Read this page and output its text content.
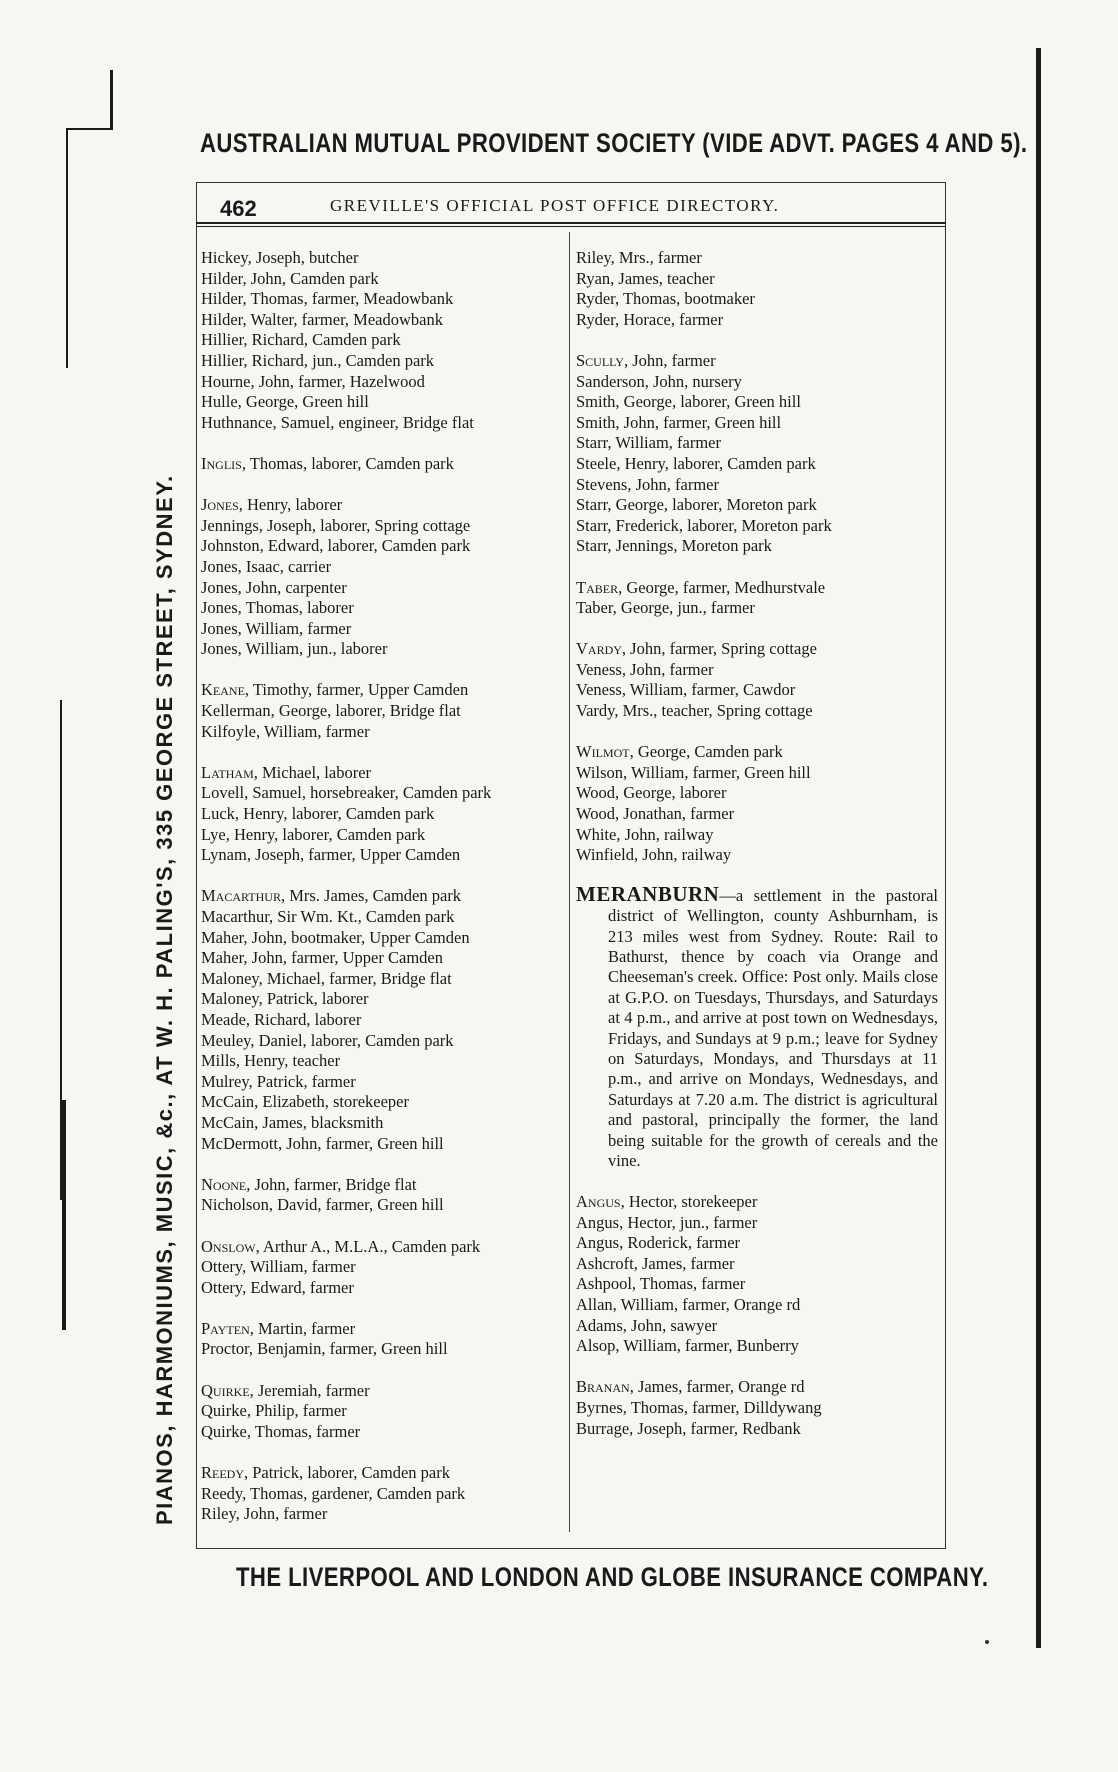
AUSTRALIAN MUTUAL PROVIDENT SOCIETY (VIDE ADVT. PAGES 4 AND 5).
PIANOS, HARMONIUMS, MUSIC, &c., AT W. H. PALING'S, 335 GEORGE STREET, SYDNEY.
462	GREVILLE'S OFFICIAL POST OFFICE DIRECTORY.
Hickey, Joseph, butcher
Hilder, John, Camden park
Hilder, Thomas, farmer, Meadowbank
Hilder, Walter, farmer, Meadowbank
Hillier, Richard, Camden park
Hillier, Richard, jun., Camden park
Hourne, John, farmer, Hazelwood
Hulle, George, Green hill
Huthnance, Samuel, engineer, Bridge flat
Inglis, Thomas, laborer, Camden park
Jones, Henry, laborer
Jennings, Joseph, laborer, Spring cottage
Johnston, Edward, laborer, Camden park
Jones, Isaac, carrier
Jones, John, carpenter
Jones, Thomas, laborer
Jones, William, farmer
Jones, William, jun., laborer
Keane, Timothy, farmer, Upper Camden
Kellerman, George, laborer, Bridge flat
Kilfoyle, William, farmer
Latham, Michael, laborer
Lovell, Samuel, horsebreaker, Camden park
Luck, Henry, laborer, Camden park
Lye, Henry, laborer, Camden park
Lynam, Joseph, farmer, Upper Camden
Macarthur, Mrs. James, Camden park
Macarthur, Sir Wm. Kt., Camden park
Maher, John, bootmaker, Upper Camden
Maher, John, farmer, Upper Camden
Maloney, Michael, farmer, Bridge flat
Maloney, Patrick, laborer
Meade, Richard, laborer
Meuley, Daniel, laborer, Camden park
Mills, Henry, teacher
Mulrey, Patrick, farmer
McCain, Elizabeth, storekeeper
McCain, James, blacksmith
McDermott, John, farmer, Green hill
Noone, John, farmer, Bridge flat
Nicholson, David, farmer, Green hill
Onslow, Arthur A., M.L.A., Camden park
Ottery, William, farmer
Ottery, Edward, farmer
Payten, Martin, farmer
Proctor, Benjamin, farmer, Green hill
Quirke, Jeremiah, farmer
Quirke, Philip, farmer
Quirke, Thomas, farmer
Reedy, Patrick, laborer, Camden park
Reedy, Thomas, gardener, Camden park
Riley, John, farmer
Riley, Mrs., farmer
Ryan, James, teacher
Ryder, Thomas, bootmaker
Ryder, Horace, farmer
Scully, John, farmer
Sanderson, John, nursery
Smith, George, laborer, Green hill
Smith, John, farmer, Green hill
Starr, William, farmer
Steele, Henry, laborer, Camden park
Stevens, John, farmer
Starr, George, laborer, Moreton park
Starr, Frederick, laborer, Moreton park
Starr, Jennings, Moreton park
Taber, George, farmer, Medhurstvale
Taber, George, jun., farmer
Vardy, John, farmer, Spring cottage
Veness, John, farmer
Veness, William, farmer, Cawdor
Vardy, Mrs., teacher, Spring cottage
Wilmot, George, Camden park
Wilson, William, farmer, Green hill
Wood, George, laborer
Wood, Jonathan, farmer
White, John, railway
Winfield, John, railway
MERANBURN—a settlement in the pastoral district of Wellington, county Ashburnham, is 213 miles west from Sydney. Route: Rail to Bathurst, thence by coach via Orange and Cheeseman's creek. Office: Post only. Mails close at G.P.O. on Tuesdays, Thursdays, and Saturdays at 4 p.m., and arrive at post town on Wednesdays, Fridays, and Sundays at 9 p.m.; leave for Sydney on Saturdays, Mondays, and Thursdays at 11 p.m., and arrive on Mondays, Wednesdays, and Saturdays at 7.20 a.m. The district is agricultural and pastoral, principally the former, the land being suitable for the growth of cereals and the vine.
Angus, Hector, storekeeper
Angus, Hector, jun., farmer
Angus, Roderick, farmer
Ashcroft, James, farmer
Ashpool, Thomas, farmer
Allan, William, farmer, Orange rd
Adams, John, sawyer
Alsop, William, farmer, Bunberry
Branan, James, farmer, Orange rd
Byrnes, Thomas, farmer, Dilldywang
Burrage, Joseph, farmer, Redbank
THE LIVERPOOL AND LONDON AND GLOBE INSURANCE COMPANY.
